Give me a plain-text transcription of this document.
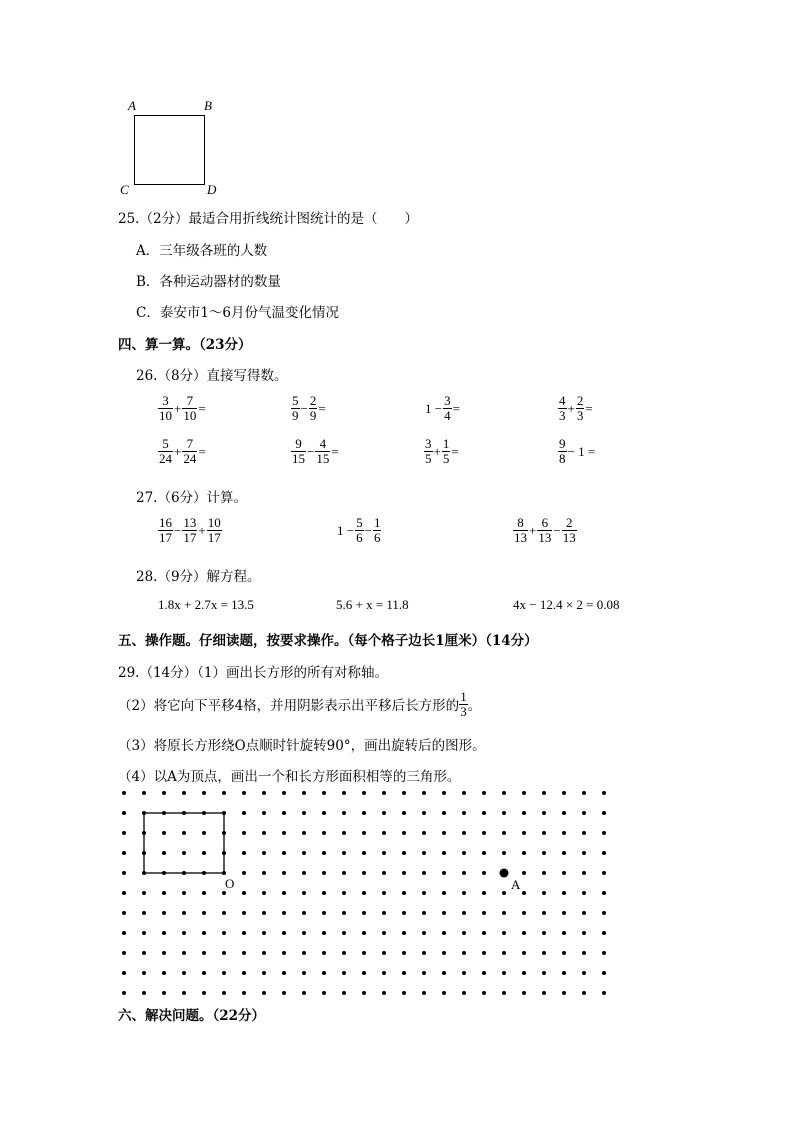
A	B
C	D
25.（2分）最适合用折线统计图统计的是（　　）
A．三年级各班的人数
B．各种运动器材的数量
C．泰安市1～6月份气温变化情况
四、算一算。（23分）
26.（8分）直接写得数。
$\frac{3}{10} + \frac{7}{10}$ =	$\frac{5}{9} - \frac{2}{9}$ =	$1 - \frac{3}{4}$ =	$\frac{4}{3} + \frac{2}{3}$ =
$\frac{5}{24} + \frac{7}{24}$ =	$\frac{9}{15} - \frac{4}{15}$ =	$\frac{3}{5} + \frac{1}{5}$ =	$\frac{9}{8} - 1$ =
27.（6分）计算。
$\frac{16}{17} - \frac{13}{17} + \frac{10}{17}$	$1 - \frac{5}{6} - \frac{1}{6}$	$\frac{8}{13} + \frac{6}{13} - \frac{2}{13}$
28.（9分）解方程。
1.8x + 2.7x = 13.5	5.6 + x = 11.8	4x − 12.4 × 2 = 0.08
五、操作题。仔细读题，按要求操作。（每个格子边长1厘米）（14分）
29.（14分）（1）画出长方形的所有对称轴。
（2）将它向下平移4格，并用阴影表示出平移后长方形的 $\frac{1}{3}$ 。
（3）将原长方形绕O点顺时针旋转90°，画出旋转后的图形。
（4）以A为顶点，画出一个和长方形面积相等的三角形。
O	A
六、解决问题。（22分）
